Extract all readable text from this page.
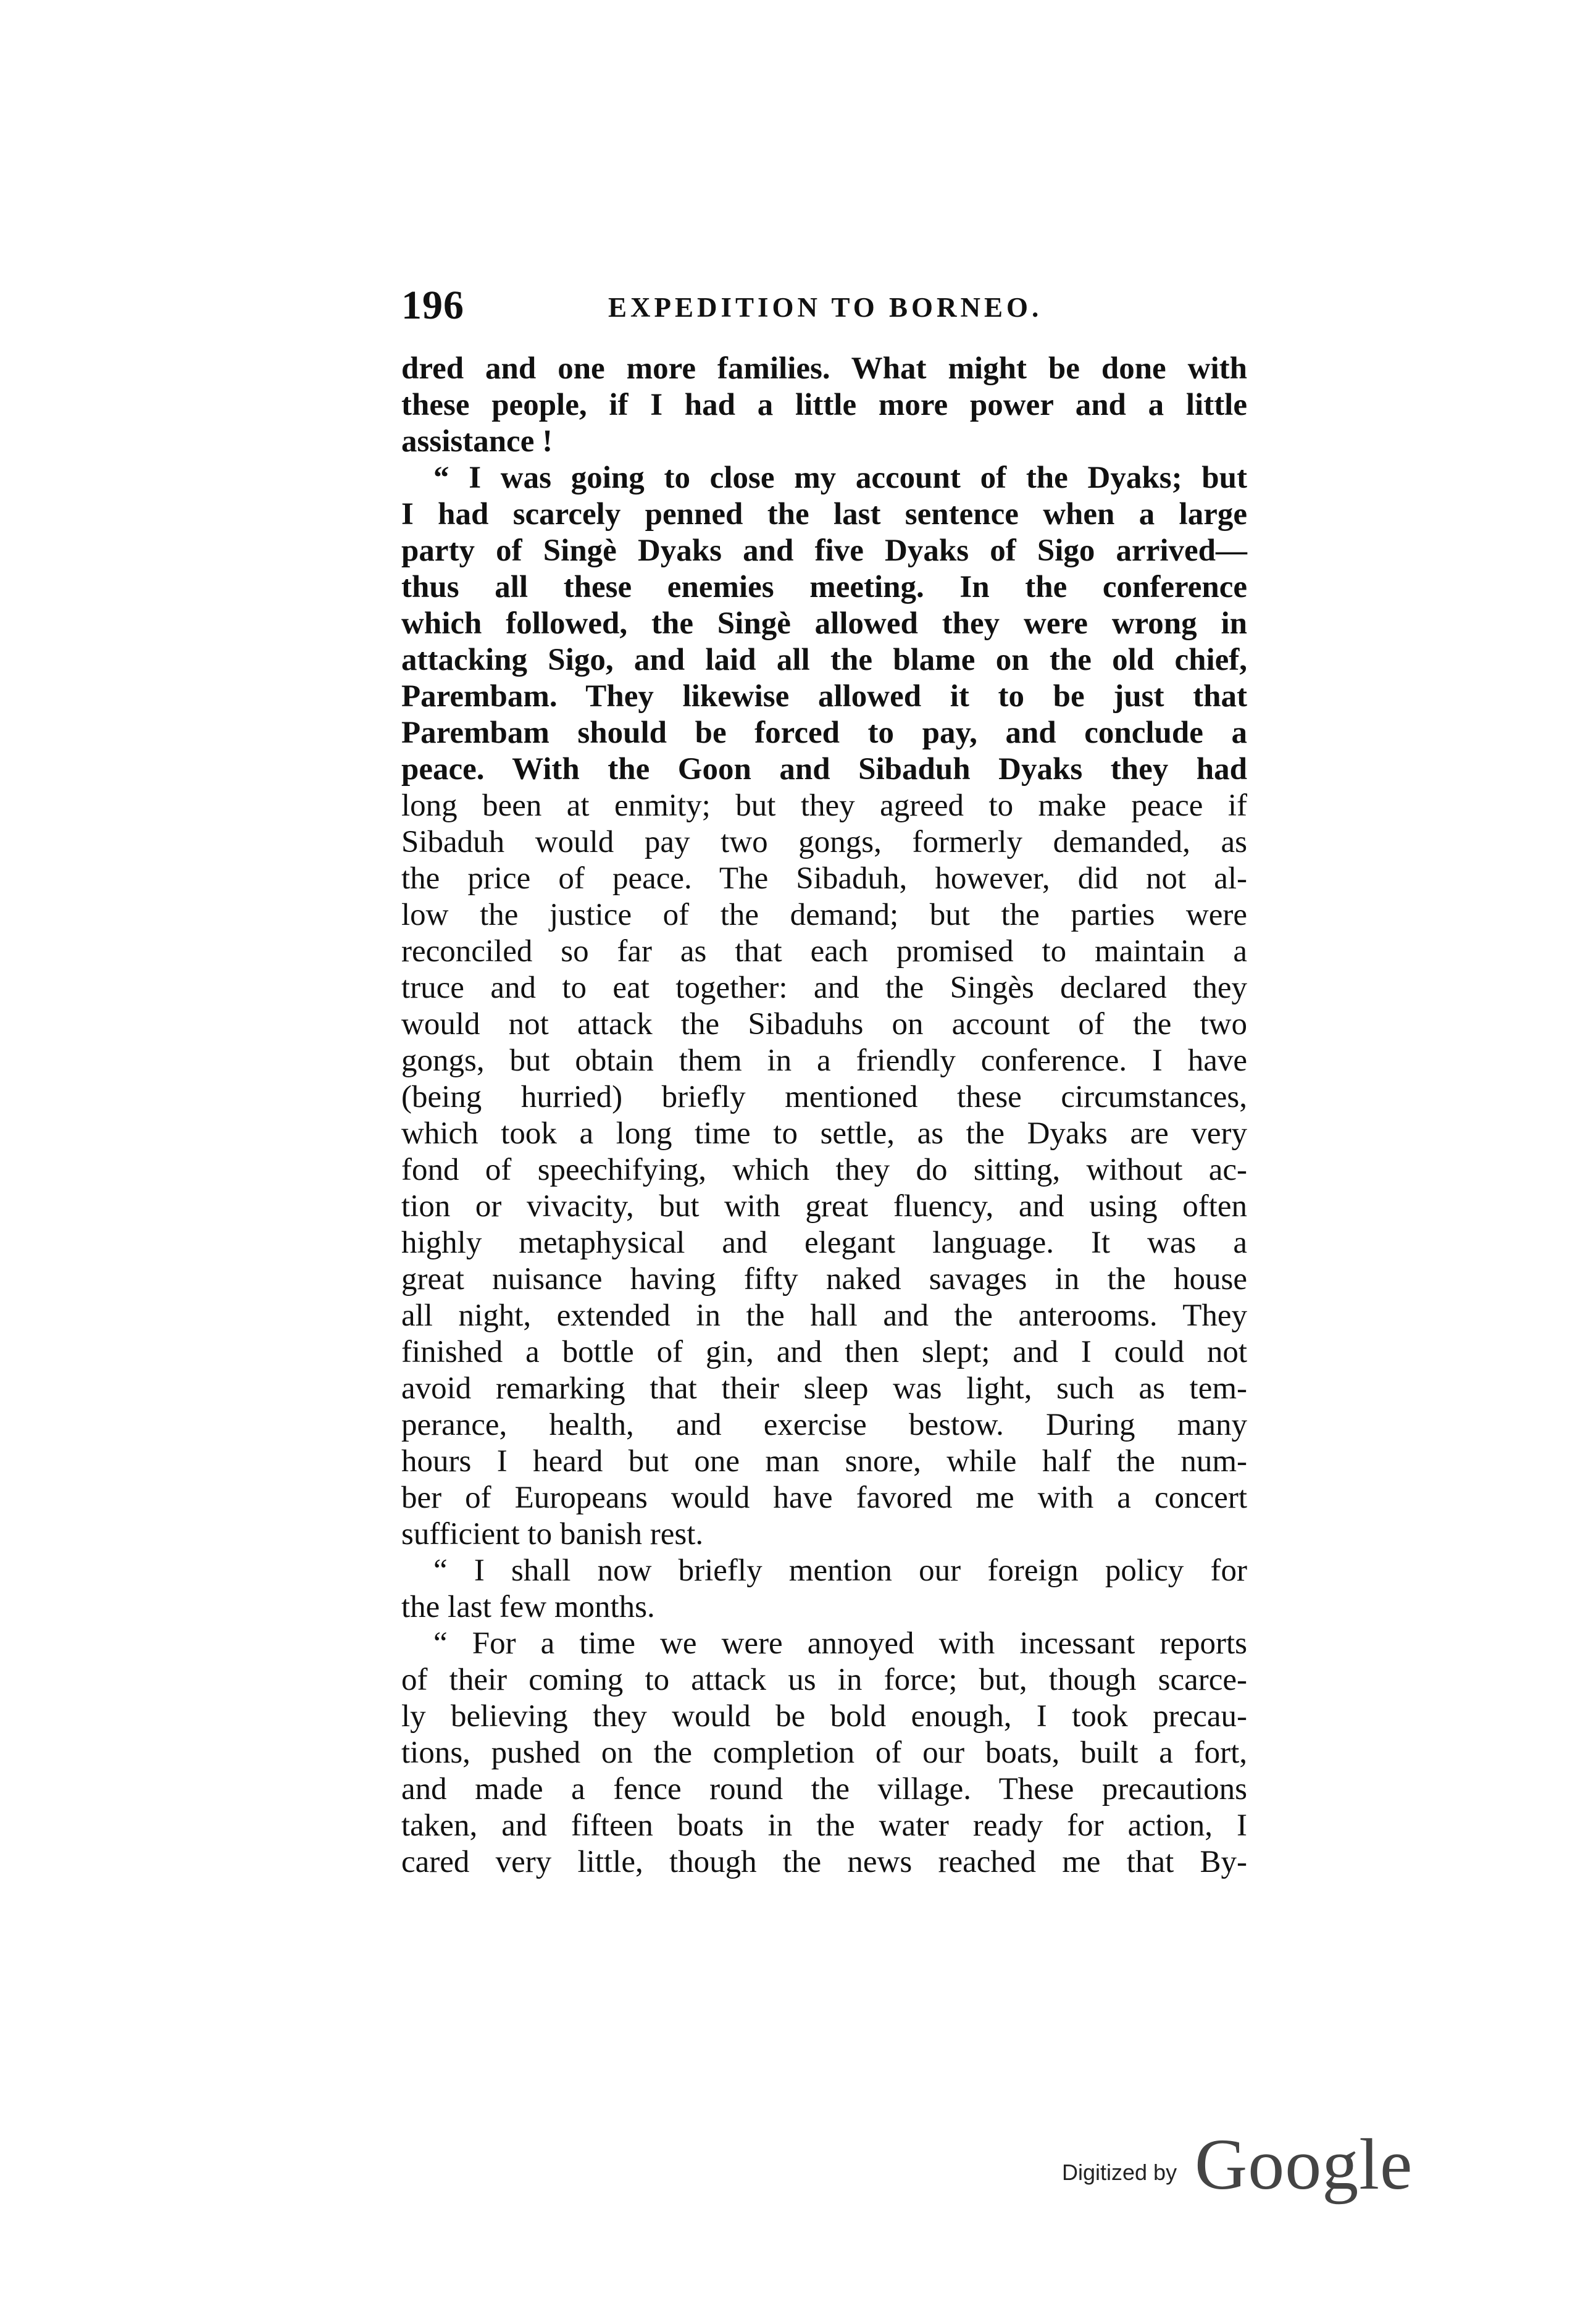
196	EXPEDITION TO BORNEO.
dred and one more families. What might be done with
these people, if I had a little more power and a little
assistance !
“ I was going to close my account of the Dyaks; but
I had scarcely penned the last sentence when a large
party of Singè Dyaks and five Dyaks of Sigo arrived—
thus all these enemies meeting. In the conference
which followed, the Singè allowed they were wrong in
attacking Sigo, and laid all the blame on the old chief,
Parembam. They likewise allowed it to be just that
Parembam should be forced to pay, and conclude a
peace. With the Goon and Sibaduh Dyaks they had
long been at enmity; but they agreed to make peace if
Sibaduh would pay two gongs, formerly demanded, as
the price of peace. The Sibaduh, however, did not al-
low the justice of the demand; but the parties were
reconciled so far as that each promised to maintain a
truce and to eat together: and the Singès declared they
would not attack the Sibaduhs on account of the two
gongs, but obtain them in a friendly conference. I have
(being hurried) briefly mentioned these circumstances,
which took a long time to settle, as the Dyaks are very
fond of speechifying, which they do sitting, without ac-
tion or vivacity, but with great fluency, and using often
highly metaphysical and elegant language. It was a
great nuisance having fifty naked savages in the house
all night, extended in the hall and the anterooms. They
finished a bottle of gin, and then slept; and I could not
avoid remarking that their sleep was light, such as tem-
perance, health, and exercise bestow. During many
hours I heard but one man snore, while half the num-
ber of Europeans would have favored me with a concert
sufficient to banish rest.
“ I shall now briefly mention our foreign policy for
the last few months.
“ For a time we were annoyed with incessant reports
of their coming to attack us in force; but, though scarce-
ly believing they would be bold enough, I took precau-
tions, pushed on the completion of our boats, built a fort,
and made a fence round the village. These precautions
taken, and fifteen boats in the water ready for action, I
cared very little, though the news reached me that By-
Digitized by Google
